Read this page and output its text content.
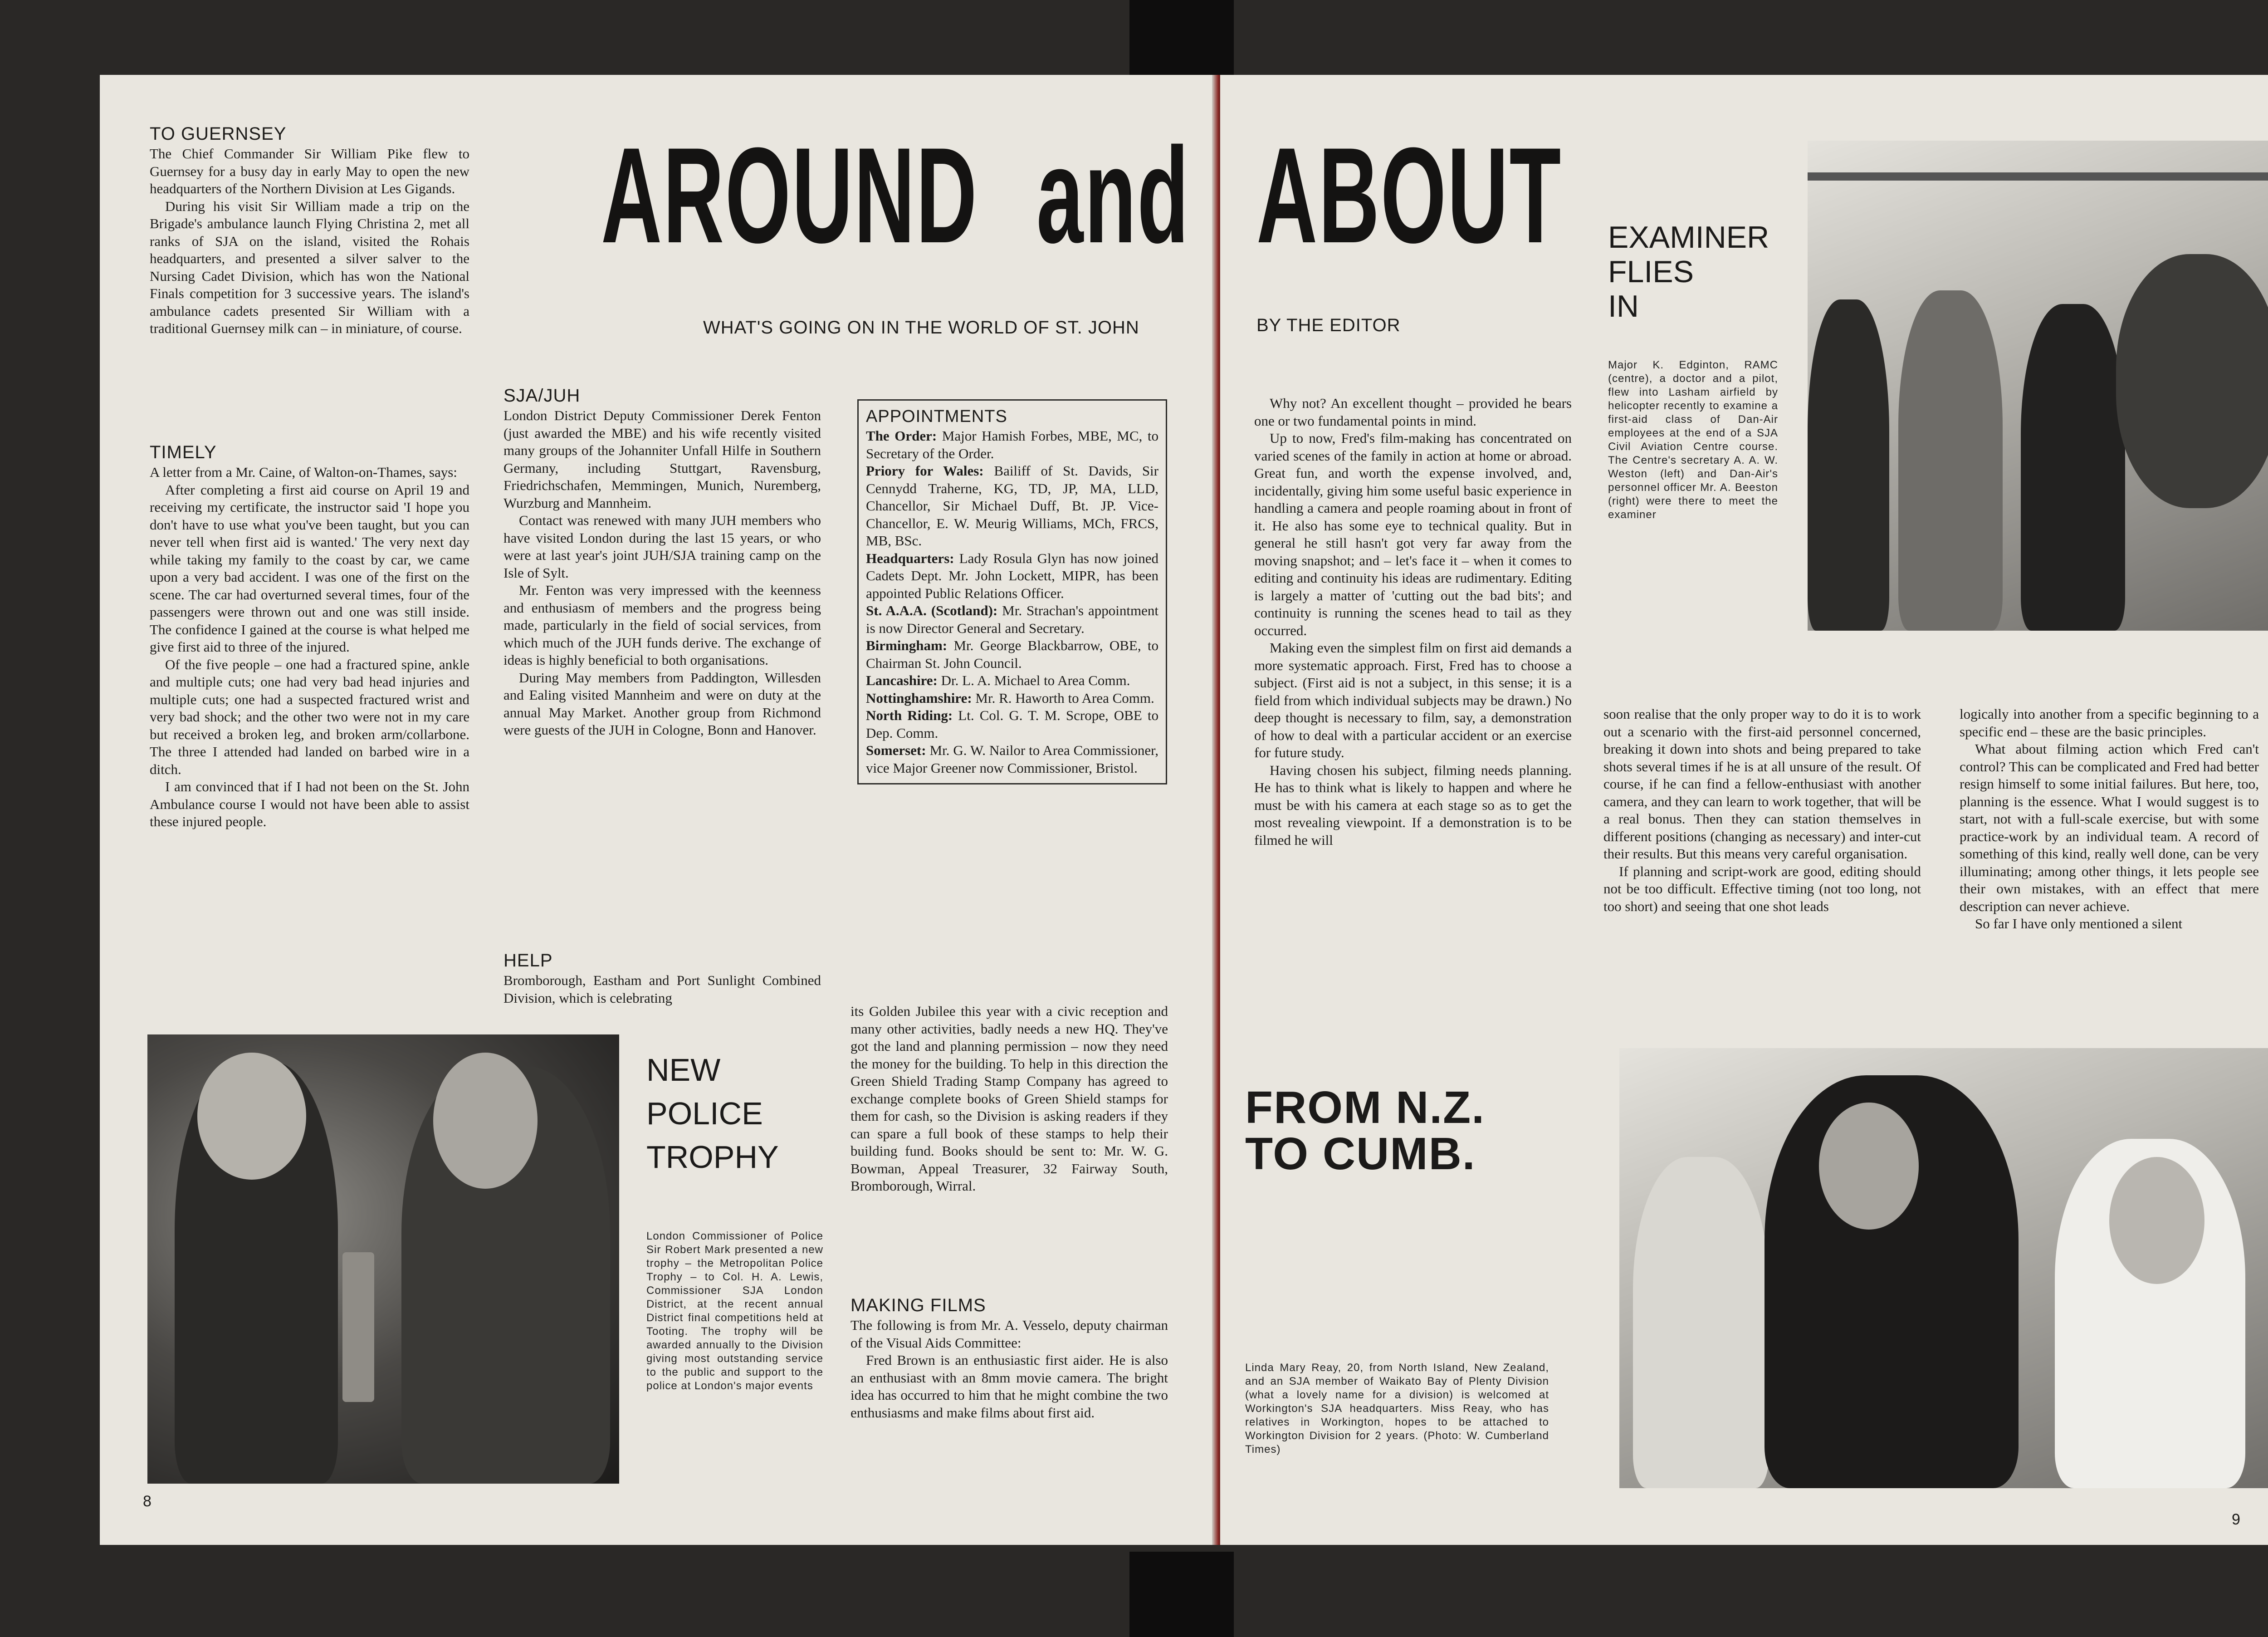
TO GUERNSEY

The Chief Commander Sir William Pike flew to Guernsey for a busy day in early May to open the new headquarters of the Northern Division at Les Gigands.

During his visit Sir William made a trip on the Brigade's ambulance launch Flying Christina 2, met all ranks of SJA on the island, visited the Rohais headquarters, and presented a silver salver to the Nursing Cadet Division, which has won the National Finals competition for 3 successive years. The island's ambulance cadets presented Sir William with a traditional Guernsey milk can – in miniature, of course.

TIMELY

A letter from a Mr. Caine, of Walton-on-Thames, says:

After completing a first aid course on April 19 and receiving my certificate, the instructor said 'I hope you don't have to use what you've been taught, but you can never tell when first aid is wanted.' The very next day while taking my family to the coast by car, we came upon a very bad accident. I was one of the first on the scene. The car had overturned several times, four of the passengers were thrown out and one was still inside. The confidence I gained at the course is what helped me give first aid to three of the injured.

Of the five people – one had a fractured spine, ankle and multiple cuts; one had very bad head injuries and multiple cuts; one had a suspected fractured wrist and very bad shock; and the other two were not in my care but received a broken leg, and broken arm/collarbone. The three I attended had landed on barbed wire in a ditch.

I am convinced that if I had not been on the St. John Ambulance course I would not have been able to assist these injured people.

AROUND and
WHAT'S GOING ON IN THE WORLD OF ST. JOHN
SJA/JUH

London District Deputy Commissioner Derek Fenton (just awarded the MBE) and his wife recently visited many groups of the Johanniter Unfall Hilfe in Southern Germany, including Stuttgart, Ravensburg, Friedrichschafen, Memmingen, Munich, Nuremberg, Wurzburg and Mannheim.

Contact was renewed with many JUH members who have visited London during the last 15 years, or who were at last year's joint JUH/SJA training camp on the Isle of Sylt.

Mr. Fenton was very impressed with the keenness and enthusiasm of members and the progress being made, particularly in the field of social services, from which much of the JUH funds derive. The exchange of ideas is highly beneficial to both organisations.

During May members from Paddington, Willesden and Ealing visited Mannheim and were on duty at the annual May Market. Another group from Richmond were guests of the JUH in Cologne, Bonn and Hanover.

HELP

Bromborough, Eastham and Port Sunlight Combined Division, which is celebrating

APPOINTMENTS

The Order: Major Hamish Forbes, MBE, MC, to Secretary of the Order.

Priory for Wales: Bailiff of St. Davids, Sir Cennydd Traherne, KG, TD, JP, MA, LLD, Chancellor, Sir Michael Duff, Bt. JP. Vice-Chancellor, E. W. Meurig Williams, MCh, FRCS, MB, BSc.

Headquarters: Lady Rosula Glyn has now joined Cadets Dept. Mr. John Lockett, MIPR, has been appointed Public Relations Officer.

St. A.A.A. (Scotland): Mr. Strachan's appointment is now Director General and Secretary.

Birmingham: Mr. George Blackbarrow, OBE, to Chairman St. John Council.

Lancashire: Dr. L. A. Michael to Area Comm.

Nottinghamshire: Mr. R. Haworth to Area Comm.

North Riding: Lt. Col. G. T. M. Scrope, OBE to Dep. Comm.

Somerset: Mr. G. W. Nailor to Area Commissioner, vice Major Greener now Commissioner, Bristol.

its Golden Jubilee this year with a civic reception and many other activities, badly needs a new HQ. They've got the land and planning permission – now they need the money for the building. To help in this direction the Green Shield Trading Stamp Company has agreed to exchange complete books of Green Shield stamps for them for cash, so the Division is asking readers if they can spare a full book of these stamps to help their building fund. Books should be sent to: Mr. W. G. Bowman, Appeal Treasurer, 32 Fairway South, Bromborough, Wirral.

MAKING FILMS

The following is from Mr. A. Vesselo, deputy chairman of the Visual Aids Committee:

Fred Brown is an enthusiastic first aider. He is also an enthusiast with an 8mm movie camera. The bright idea has occurred to him that he might combine the two enthusiasms and make films about first aid.

NEW
POLICE
TROPHY
London Commissioner of Police Sir Robert Mark presented a new trophy – the Metropolitan Police Trophy – to Col. H. A. Lewis, Commissioner SJA London District, at the recent annual District final competitions held at Tooting. The trophy will be awarded annually to the Division giving most outstanding service to the public and support to the police at London's major events
8
ABOUT
BY THE EDITOR

Why not? An excellent thought – provided he bears one or two fundamental points in mind.

Up to now, Fred's film-making has concentrated on varied scenes of the family in action at home or abroad. Great fun, and worth the expense involved, and, incidentally, giving him some useful basic experience in handling a camera and people roaming about in front of it. He also has some eye to technical quality. But in general he still hasn't got very far away from the moving snapshot; and – let's face it – when it comes to editing and continuity his ideas are rudimentary. Editing is largely a matter of 'cutting out the bad bits'; and continuity is running the scenes head to tail as they occurred.

Making even the simplest film on first aid demands a more systematic approach. First, Fred has to choose a subject. (First aid is not a subject, in this sense; it is a field from which individual subjects may be drawn.) No deep thought is necessary to film, say, a demonstration of how to deal with a particular accident or an exercise for future study.

Having chosen his subject, filming needs planning. He has to think what is likely to happen and where he must be with his camera at each stage so as to get the most revealing viewpoint. If a demonstration is to be filmed he will

FROM N.Z.
TO CUMB.
Linda Mary Reay, 20, from North Island, New Zealand, and an SJA member of Waikato Bay of Plenty Division (what a lovely name for a division) is welcomed at Workington's SJA headquarters. Miss Reay, who has relatives in Workington, hopes to be attached to Workington Division for 2 years. (Photo: W. Cumberland Times)

soon realise that the only proper way to do it is to work out a scenario with the first-aid personnel concerned, breaking it down into shots and being prepared to take shots several times if he is at all unsure of the result. Of course, if he can find a fellow-enthusiast with another camera, and they can learn to work together, that will be a real bonus. Then they can station themselves in different positions (changing as necessary) and inter-cut their results. But this means very careful organisation.

If planning and script-work are good, editing should not be too difficult. Effective timing (not too long, not too short) and seeing that one shot leads

logically into another from a specific beginning to a specific end – these are the basic principles.

What about filming action which Fred can't control? This can be complicated and Fred had better resign himself to some initial failures. But here, too, planning is the essence. What I would suggest is to start, not with a full-scale exercise, but with some practice-work by an individual team. A record of something of this kind, really well done, can be very illuminating; among other things, it lets people see their own mistakes, with an effect that mere description can never achieve.

So far I have only mentioned a silent

EXAMINER
FLIES
IN
Major K. Edginton, RAMC (centre), a doctor and a pilot, flew into Lasham airfield by helicopter recently to examine a first-aid class of Dan-Air employees at the end of a SJA Civil Aviation Centre course. The Centre's secretary A. A. W. Weston (left) and Dan-Air's personnel officer Mr. A. Beeston (right) were there to meet the examiner
9
